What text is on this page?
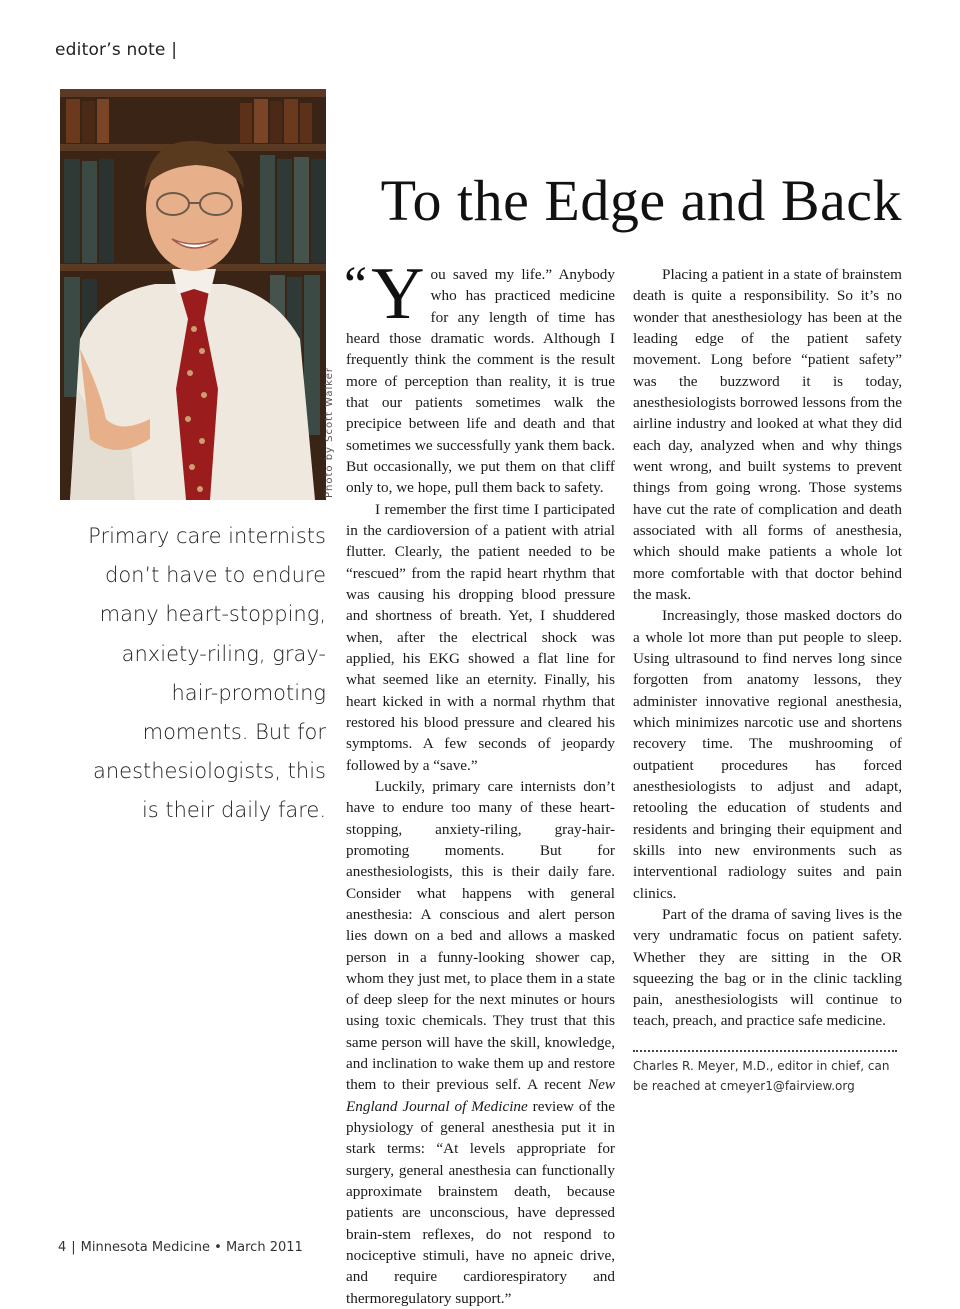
editor’s note |
Photo by Scott Walker
Primary care internists don’t have to endure many heart-stopping, anxiety-riling, gray-hair-promoting moments. But for anesthesiologists, this is their daily fare.
To the Edge and Back

“ Y ou saved my life.” Anybody who has practiced medicine for any length of time has heard those dramatic words. Although I frequently think the comment is the result more of perception than reality, it is true that our patients sometimes walk the precipice between life and death and that sometimes we successfully yank them back. But occasionally, we put them on that cliff only to, we hope, pull them back to safety.

I remember the first time I participated in the cardioversion of a patient with atrial flutter. Clearly, the patient needed to be “rescued” from the rapid heart rhythm that was causing his dropping blood pressure and shortness of breath. Yet, I shuddered when, after the electrical shock was applied, his EKG showed a flat line for what seemed like an eternity. Finally, his heart kicked in with a normal rhythm that restored his blood pressure and cleared his symptoms. A few seconds of jeopardy followed by a “save.”

Luckily, primary care internists don’t have to endure too many of these heart-stopping, anxiety-riling, gray-hair-promoting moments. But for anesthesiologists, this is their daily fare. Consider what happens with general anesthesia: A conscious and alert person lies down on a bed and allows a masked person in a funny-looking shower cap, whom they just met, to place them in a state of deep sleep for the next minutes or hours using toxic chemicals. They trust that this same person will have the skill, knowledge, and inclination to wake them up and restore them to their previous self. A recent New England Journal of Medicine review of the physiology of general anesthesia put it in stark terms: “At levels appropriate for surgery, general anesthesia can functionally approximate brainstem death, because patients are unconscious, have depressed brain-stem reflexes, do not respond to nociceptive stimuli, have no apneic drive, and require cardiorespiratory and thermoregulatory support.”

Placing a patient in a state of brainstem death is quite a responsibility. So it’s no wonder that anesthesiology has been at the leading edge of the patient safety movement. Long before “patient safety” was the buzzword it is today, anesthesiologists borrowed lessons from the airline industry and looked at what they did each day, analyzed when and why things went wrong, and built systems to prevent things from going wrong. Those systems have cut the rate of complication and death associated with all forms of anesthesia, which should make patients a whole lot more comfortable with that doctor behind the mask.

Increasingly, those masked doctors do a whole lot more than put people to sleep. Using ultrasound to find nerves long since forgotten from anatomy lessons, they administer innovative regional anesthesia, which minimizes narcotic use and shortens recovery time. The mushrooming of outpatient procedures has forced anesthesiologists to adjust and adapt, retooling the education of students and residents and bringing their equipment and skills into new environments such as interventional radiology suites and pain clinics.

Part of the drama of saving lives is the very undramatic focus on patient safety. Whether they are sitting in the OR squeezing the bag or in the clinic tackling pain, anesthesiologists will continue to teach, preach, and practice safe medicine.

Charles R. Meyer, M.D., editor in chief, can be reached at cmeyer1@fairview.org
4 | Minnesota Medicine • March 2011
